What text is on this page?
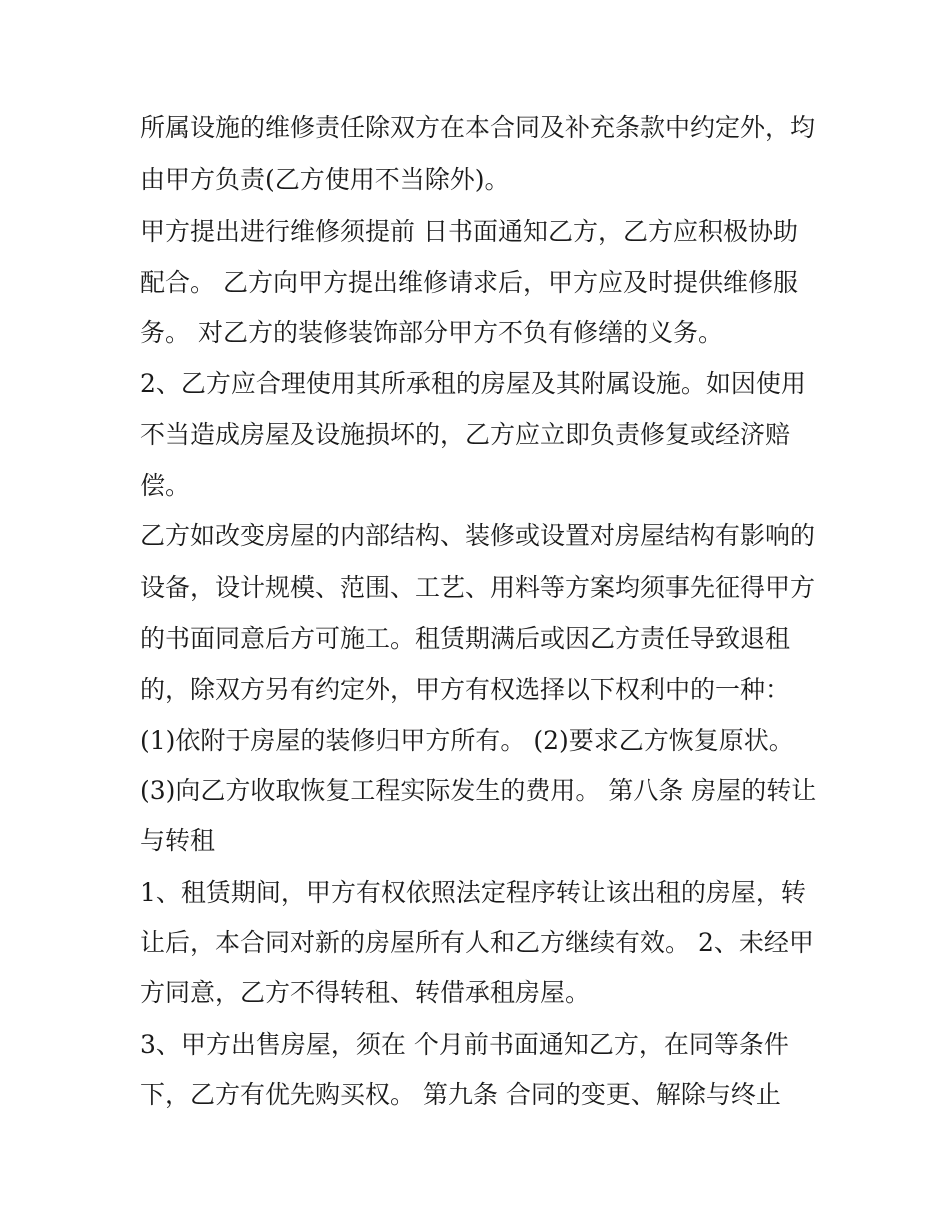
所属设施的维修责任除双方在本合同及补充条款中约定外，均
由甲方负责(乙方使用不当除外)。
甲方提出进行维修须提前 日书面通知乙方，乙方应积极协助
配合。 乙方向甲方提出维修请求后，甲方应及时提供维修服
务。 对乙方的装修装饰部分甲方不负有修缮的义务。
2、乙方应合理使用其所承租的房屋及其附属设施。如因使用
不当造成房屋及设施损坏的，乙方应立即负责修复或经济赔
偿。
乙方如改变房屋的内部结构、装修或设置对房屋结构有影响的
设备，设计规模、范围、工艺、用料等方案均须事先征得甲方
的书面同意后方可施工。租赁期满后或因乙方责任导致退租
的，除双方另有约定外，甲方有权选择以下权利中的一种：
(1)依附于房屋的装修归甲方所有。 (2)要求乙方恢复原状。
(3)向乙方收取恢复工程实际发生的费用。 第八条 房屋的转让
与转租
1、租赁期间，甲方有权依照法定程序转让该出租的房屋，转
让后，本合同对新的房屋所有人和乙方继续有效。 2、未经甲
方同意，乙方不得转租、转借承租房屋。
3、甲方出售房屋，须在 个月前书面通知乙方，在同等条件
下，乙方有优先购买权。 第九条 合同的变更、解除与终止
